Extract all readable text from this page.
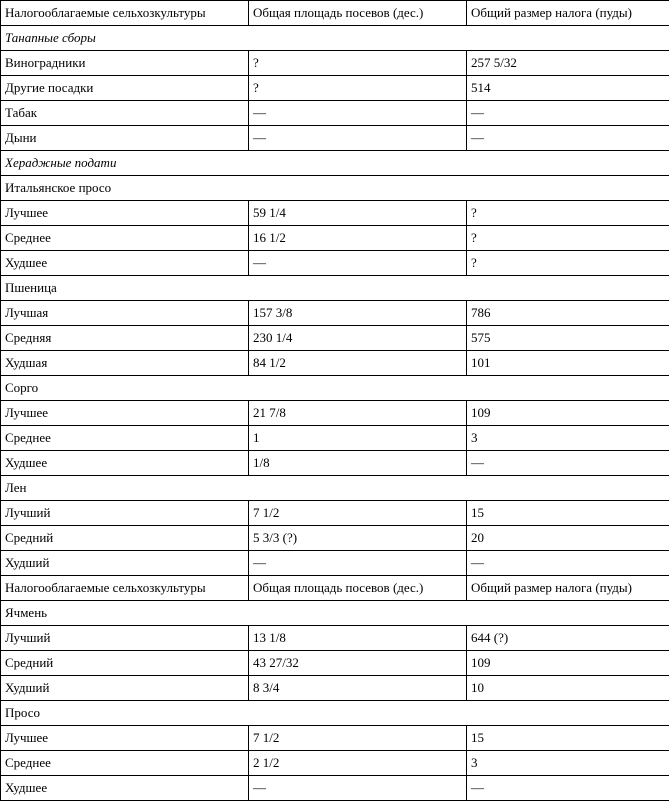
Налогооблагаемые сельхозкультуры	Общая площадь посевов (дес.)	Общий размер налога (пуды)
Танапные сборы		
Виноградники	?	257 5/32
Другие посадки	?	514
Табак	—	—
Дыни	—	—
Хераджные подати		
Итальянское просо		
Лучшее	59 1/4	?
Среднее	16 1/2	?
Худшее	—	?
Пшеница		
Лучшая	157 3/8	786
Средняя	230 1/4	575
Худшая	84 1/2	101
Сорго		
Лучшее	21 7/8	109
Среднее	1	3
Худшее	1/8	—
Лен		
Лучший	7 1/2	15
Средний	5 3/3 (?)	20
Худший	—	—
Налогооблагаемые сельхозкультуры	Общая площадь посевов (дес.)	Общий размер налога (пуды)
Ячмень		
Лучший	13 1/8	644 (?)
Средний	43 27/32	109
Худший	8 3/4	10
Просо		
Лучшее	7 1/2	15
Среднее	2 1/2	3
Худшее	—	—
